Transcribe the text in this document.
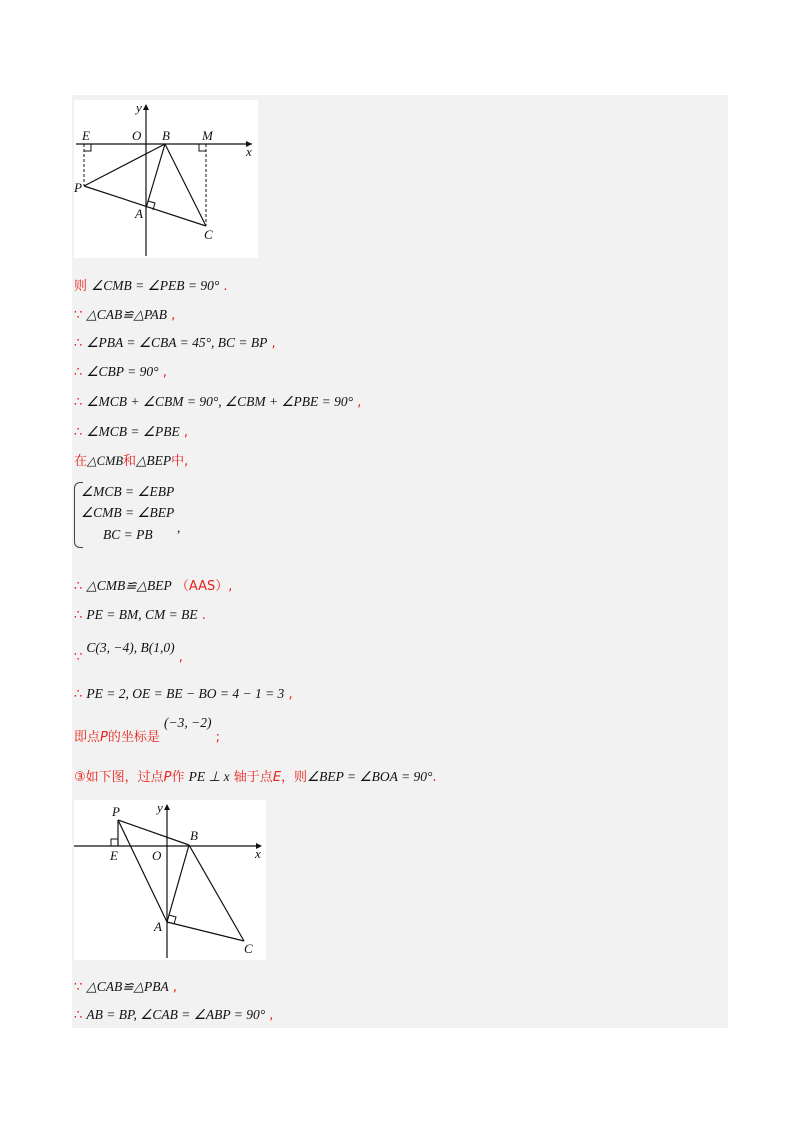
y
x
E	O B M
P
A
C
则 ∠CMB = ∠PEB = 90° .
∵ △CAB≌△PAB ,
∴ ∠PBA = ∠CBA = 45°, BC = BP ,
∴ ∠CBP = 90° ,
∴ ∠MCB + ∠CBM = 90°, ∠CBM + ∠PBE = 90° ,
∴ ∠MCB = ∠PBE ,
在△CMB和△BEP中,
∠MCB = ∠EBP
∠CMB = ∠BEP
BC = PB ,
∴ △CMB≌△BEP （AAS）,
∴ PE = BM, CM = BE .
∵ C(3, −4), B(1,0) ,
∴ PE = 2, OE = BE − BO = 4 − 1 = 3 ,
即点P的坐标是 (−3, −2) ;
③如下图，过点P作 PE ⊥ x 轴于点E，则∠BEP = ∠BOA = 90°.
y
x
P
B
E	O
A
C
∵ △CAB≌△PBA ,
∴ AB = BP, ∠CAB = ∠ABP = 90° ,
